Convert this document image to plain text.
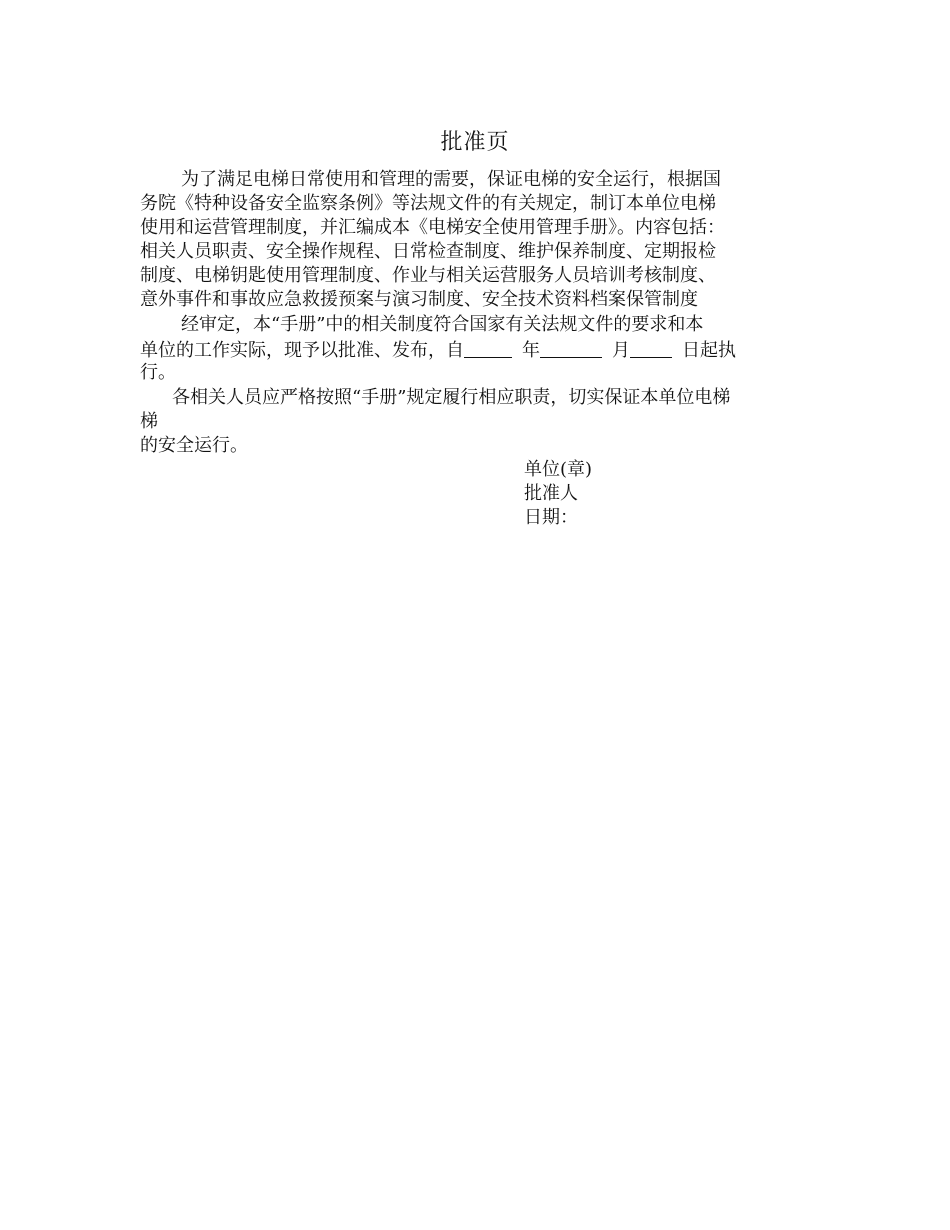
批准页
为了满足电梯日常使用和管理的需要，保证电梯的安全运行，根据国
务院《特种设备安全监察条例》等法规文件的有关规定，制订本单位电梯
使用和运营管理制度，并汇编成本《电梯安全使用管理手册》。内容包括：
相关人员职责、安全操作规程、日常检查制度、维护保养制度、定期报检
制度、电梯钥匙使用管理制度、作业与相关运营服务人员培训考核制度、
意外事件和事故应急救援预案与演习制度、安全技术资料档案保管制度
经审定，本“手册”中的相关制度符合国家有关法规文件的要求和本
单位的工作实际，现予以批准、发布，自	年	月	日起执
行。
各相关人员应严格按照“手册”规定履行相应职责，切实保证本单位电梯
梯
的安全运行。
单位(章)
批准人
日期：
